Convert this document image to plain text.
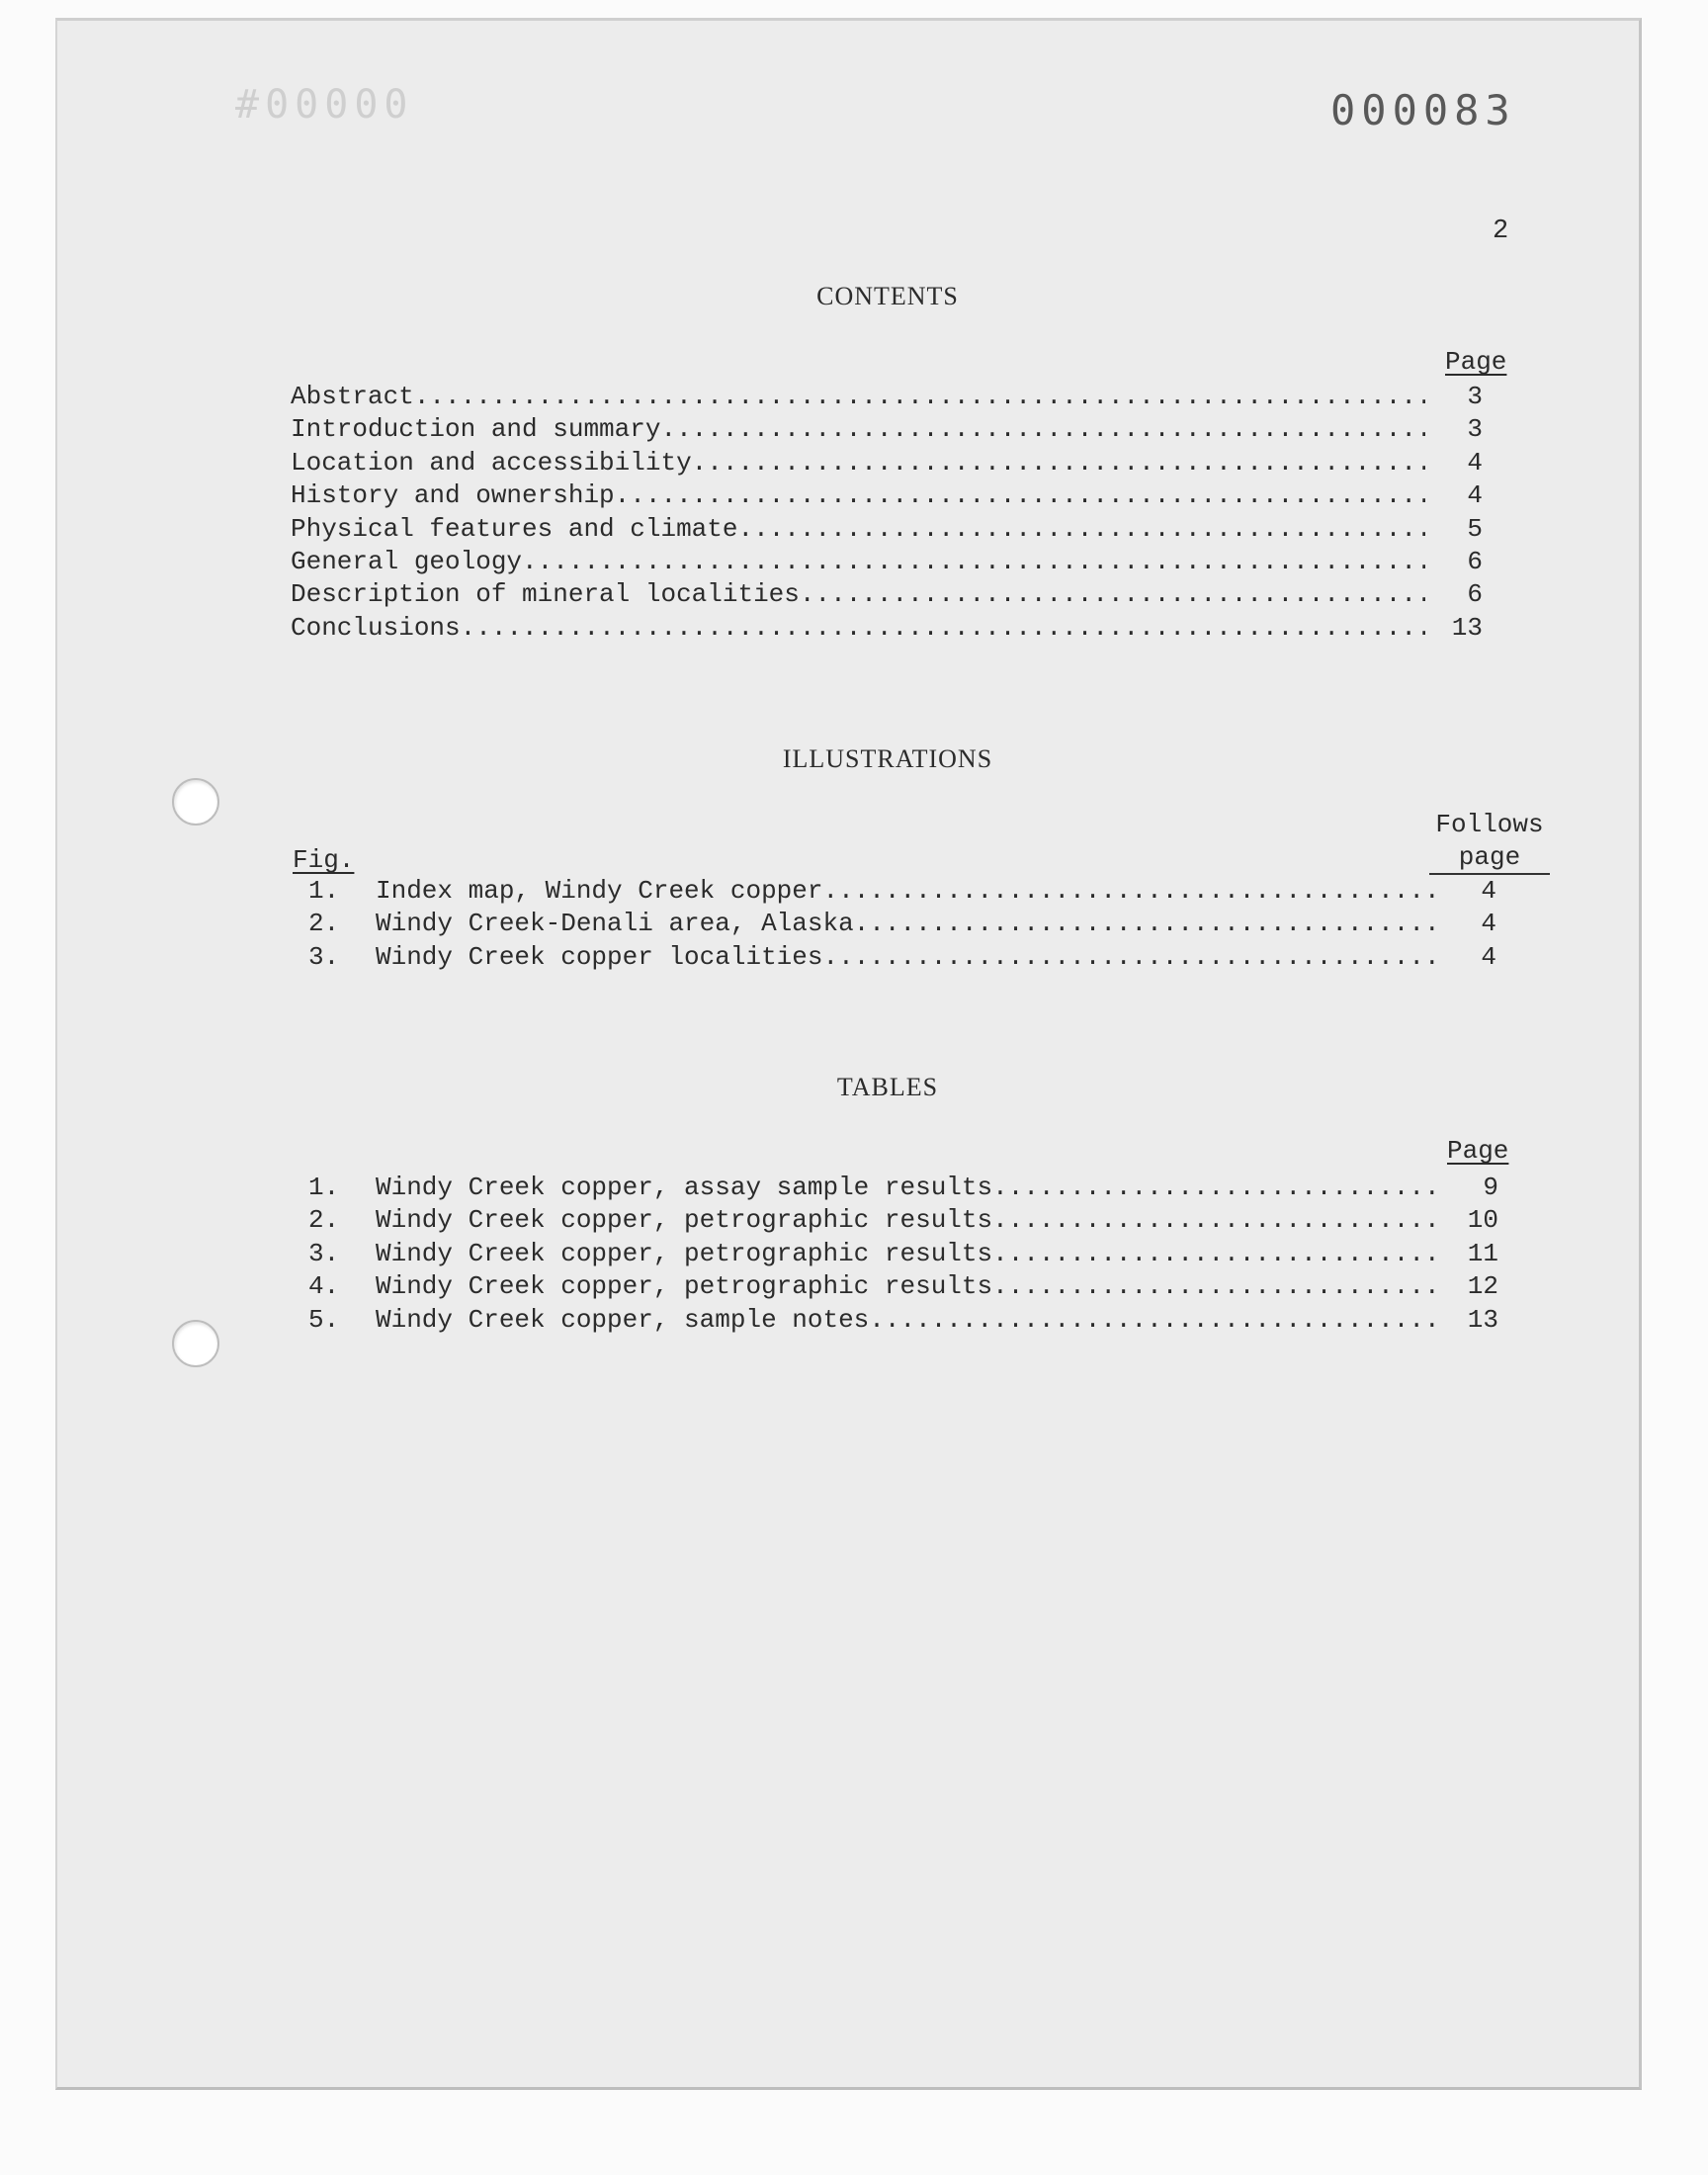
#00000	000083
2
CONTENTS
Page
Abstract .....	3
Introduction and summary .....	3
Location and accessibility .....	4
History and ownership .....	4
Physical features and climate .....	5
General geology .....	6
Description of mineral localities .....	6
Conclusions .....	13
ILLUSTRATIONS
Fig.
Follows
page
1. Index map, Windy Creek copper .....	4
2. Windy Creek-Denali area, Alaska .....	4
3. Windy Creek copper localities .....	4
TABLES
Page
1. Windy Creek copper, assay sample results .....	9
2. Windy Creek copper, petrographic results .....	10
3. Windy Creek copper, petrographic results .....	11
4. Windy Creek copper, petrographic results .....	12
5. Windy Creek copper, sample notes .....	13
